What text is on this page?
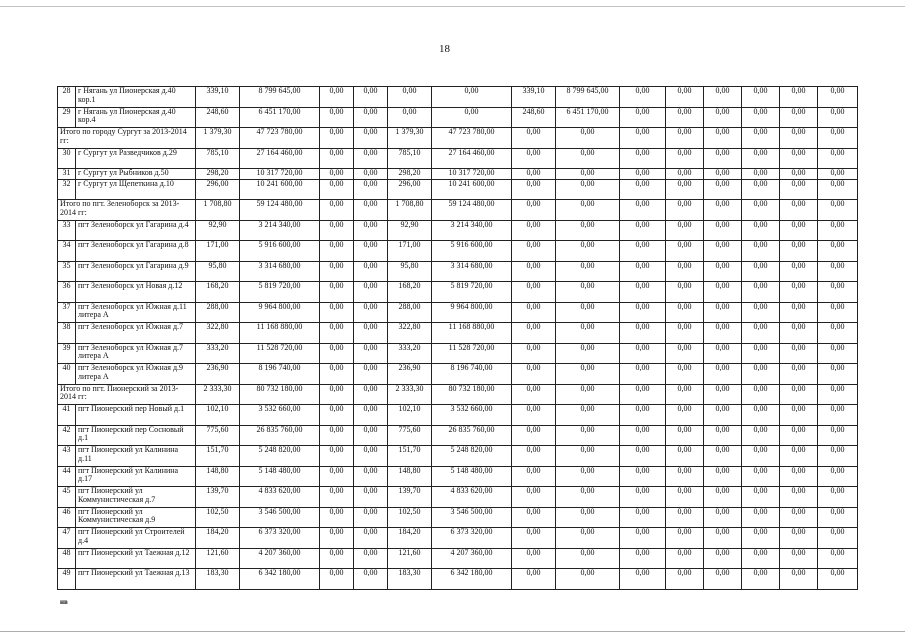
18
28	г Нягань ул Пионерская д.40 кор.1	339,10	8 799 645,00	0,00	0,00	0,00	0,00	339,10	8 799 645,00	0,00	0,00	0,00	0,00	0,00	0,00
29	г Нягань ул Пионерская д.40 кор.4	248,60	6 451 170,00	0,00	0,00	0,00	0,00	248,60	6 451 170,00	0,00	0,00	0,00	0,00	0,00	0,00
Итого по городу Сургут за 2013-2014 гг:		1 379,30	47 723 780,00	0,00	0,00	1 379,30	47 723 780,00	0,00	0,00	0,00	0,00	0,00	0,00	0,00	0,00
30	г Сургут ул Разведчиков д.29	785,10	27 164 460,00	0,00	0,00	785,10	27 164 460,00	0,00	0,00	0,00	0,00	0,00	0,00	0,00	0,00
31	г Сургут ул Рыбников д.50	298,20	10 317 720,00	0,00	0,00	298,20	10 317 720,00	0,00	0,00	0,00	0,00	0,00	0,00	0,00	0,00
32	г Сургут ул Щепеткина д.10	296,00	10 241 600,00	0,00	0,00	296,00	10 241 600,00	0,00	0,00	0,00	0,00	0,00	0,00	0,00	0,00
Итого по пгт. Зеленоборск за 2013-2014 гг:		1 708,80	59 124 480,00	0,00	0,00	1 708,80	59 124 480,00	0,00	0,00	0,00	0,00	0,00	0,00	0,00	0,00
33	пгт Зеленоборск ул Гагарина д.4	92,90	3 214 340,00	0,00	0,00	92,90	3 214 340,00	0,00	0,00	0,00	0,00	0,00	0,00	0,00	0,00
34	пгт Зеленоборск ул Гагарина д.8	171,00	5 916 600,00	0,00	0,00	171,00	5 916 600,00	0,00	0,00	0,00	0,00	0,00	0,00	0,00	0,00
35	пгт Зеленоборск ул Гагарина д.9	95,80	3 314 680,00	0,00	0,00	95,80	3 314 680,00	0,00	0,00	0,00	0,00	0,00	0,00	0,00	0,00
36	пгт Зеленоборск ул Новая д.12	168,20	5 819 720,00	0,00	0,00	168,20	5 819 720,00	0,00	0,00	0,00	0,00	0,00	0,00	0,00	0,00
37	пгт Зеленоборск ул Южная д.11 литера А	288,00	9 964 800,00	0,00	0,00	288,00	9 964 800,00	0,00	0,00	0,00	0,00	0,00	0,00	0,00	0,00
38	пгт Зеленоборск ул Южная д.7	322,80	11 168 880,00	0,00	0,00	322,80	11 168 880,00	0,00	0,00	0,00	0,00	0,00	0,00	0,00	0,00
39	пгт Зеленоборск ул Южная д.7 литера А	333,20	11 528 720,00	0,00	0,00	333,20	11 528 720,00	0,00	0,00	0,00	0,00	0,00	0,00	0,00	0,00
40	пгт Зеленоборск ул Южная д.9 литера А	236,90	8 196 740,00	0,00	0,00	236,90	8 196 740,00	0,00	0,00	0,00	0,00	0,00	0,00	0,00	0,00
Итого по пгт. Пионерский за 2013-2014 гг:		2 333,30	80 732 180,00	0,00	0,00	2 333,30	80 732 180,00	0,00	0,00	0,00	0,00	0,00	0,00	0,00	0,00
41	пгт Пионерский пер Новый д.1	102,10	3 532 660,00	0,00	0,00	102,10	3 532 660,00	0,00	0,00	0,00	0,00	0,00	0,00	0,00	0,00
42	пгт Пионерский пер Сосновый д.1	775,60	26 835 760,00	0,00	0,00	775,60	26 835 760,00	0,00	0,00	0,00	0,00	0,00	0,00	0,00	0,00
43	пгт Пионерский ул Калинина д.11	151,70	5 248 820,00	0,00	0,00	151,70	5 248 820,00	0,00	0,00	0,00	0,00	0,00	0,00	0,00	0,00
44	пгт Пионерский ул Калинина д.17	148,80	5 148 480,00	0,00	0,00	148,80	5 148 480,00	0,00	0,00	0,00	0,00	0,00	0,00	0,00	0,00
45	пгт Пионерский ул Коммунистическая д.7	139,70	4 833 620,00	0,00	0,00	139,70	4 833 620,00	0,00	0,00	0,00	0,00	0,00	0,00	0,00	0,00
46	пгт Пионерский ул Коммунистическая д.9	102,50	3 546 500,00	0,00	0,00	102,50	3 546 500,00	0,00	0,00	0,00	0,00	0,00	0,00	0,00	0,00
47	пгт Пионерский ул Строителей д.4	184,20	6 373 320,00	0,00	0,00	184,20	6 373 320,00	0,00	0,00	0,00	0,00	0,00	0,00	0,00	0,00
48	пгт Пионерский ул Таежная д.12	121,60	4 207 360,00	0,00	0,00	121,60	4 207 360,00	0,00	0,00	0,00	0,00	0,00	0,00	0,00	0,00
49	пгт Пионерский ул Таежная д.13	183,30	6 342 180,00	0,00	0,00	183,30	6 342 180,00	0,00	0,00	0,00	0,00	0,00	0,00	0,00	0,00
нв
